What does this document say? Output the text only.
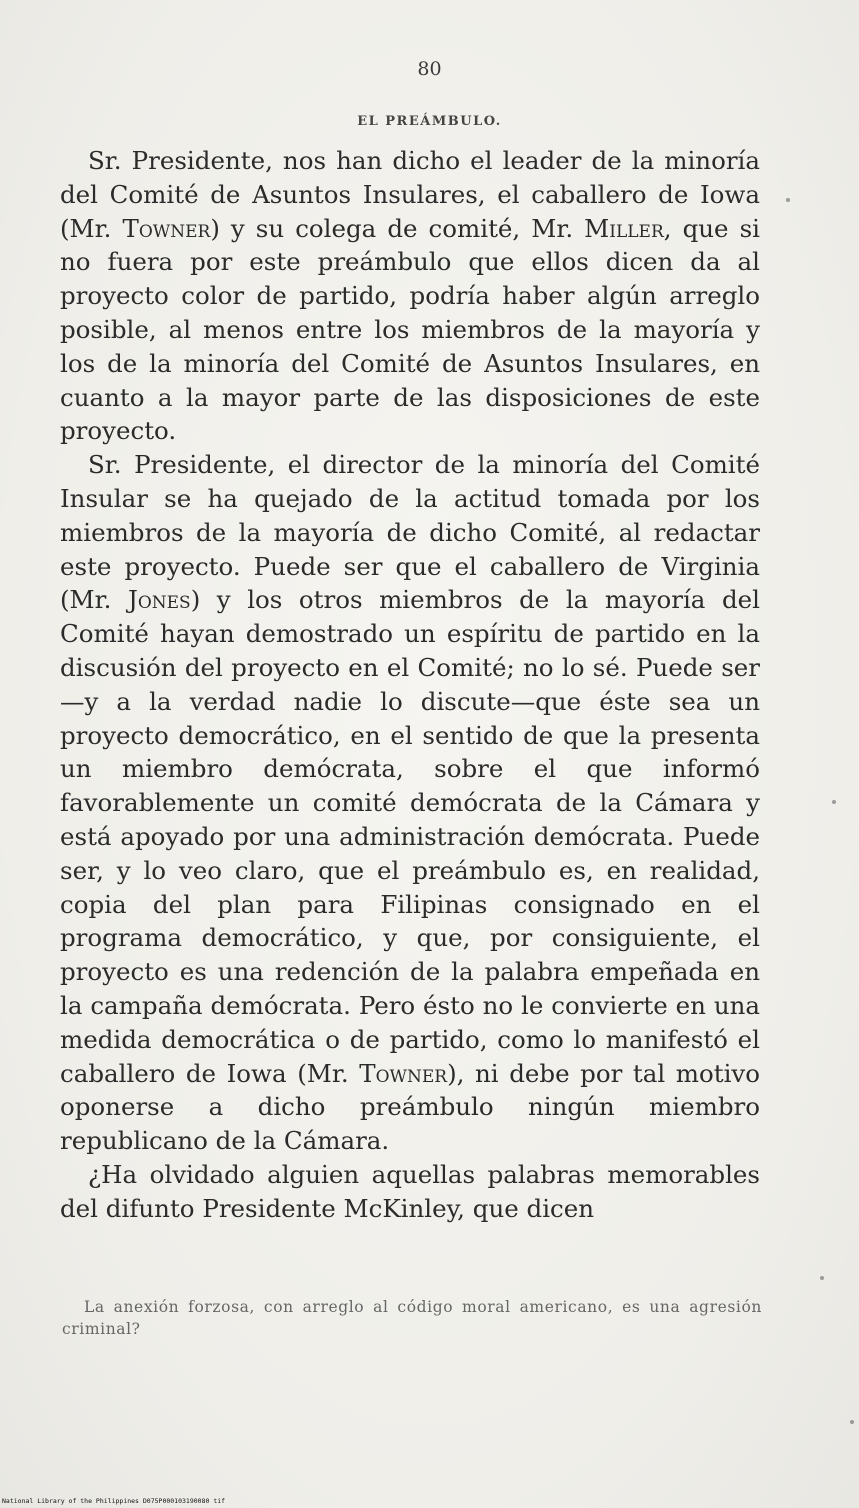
80
EL PREÁMBULO.

Sr. Presidente, nos han dicho el leader de la minoría del Comité de Asuntos Insulares, el caballero de Iowa (Mr. Towner) y su colega de comité, Mr. Miller, que si no fuera por este preámbulo que ellos dicen da al proyecto color de partido, podría haber algún arreglo posible, al menos entre los miembros de la mayoría y los de la minoría del Comité de Asuntos Insulares, en cuanto a la mayor parte de las disposiciones de este proyecto.

Sr. Presidente, el director de la minoría del Comité Insular se ha quejado de la actitud tomada por los miembros de la mayoría de dicho Comité, al redactar este proyecto. Puede ser que el caballero de Virginia (Mr. Jones) y los otros miembros de la mayoría del Comité hayan demostrado un espíritu de partido en la discusión del proyecto en el Comité; no lo sé. Puede ser—y a la verdad nadie lo discute—que éste sea un proyecto democrático, en el sentido de que la presenta un miembro demócrata, sobre el que informó favorablemente un comité demócrata de la Cámara y está apoyado por una administración demócrata. Puede ser, y lo veo claro, que el preámbulo es, en realidad, copia del plan para Filipinas consignado en el programa democrático, y que, por consiguiente, el proyecto es una redención de la palabra empeñada en la campaña demócrata. Pero ésto no le convierte en una medida democrática o de partido, como lo manifestó el caballero de Iowa (Mr. Towner), ni debe por tal motivo oponerse a dicho preámbulo ningún miembro republicano de la Cámara.

¿Ha olvidado alguien aquellas palabras memorables del difunto Presidente McKinley, que dicen

La anexión forzosa, con arreglo al código moral americano, es una agresión criminal?
National Library of the Philippines D075P000103190080 tif
